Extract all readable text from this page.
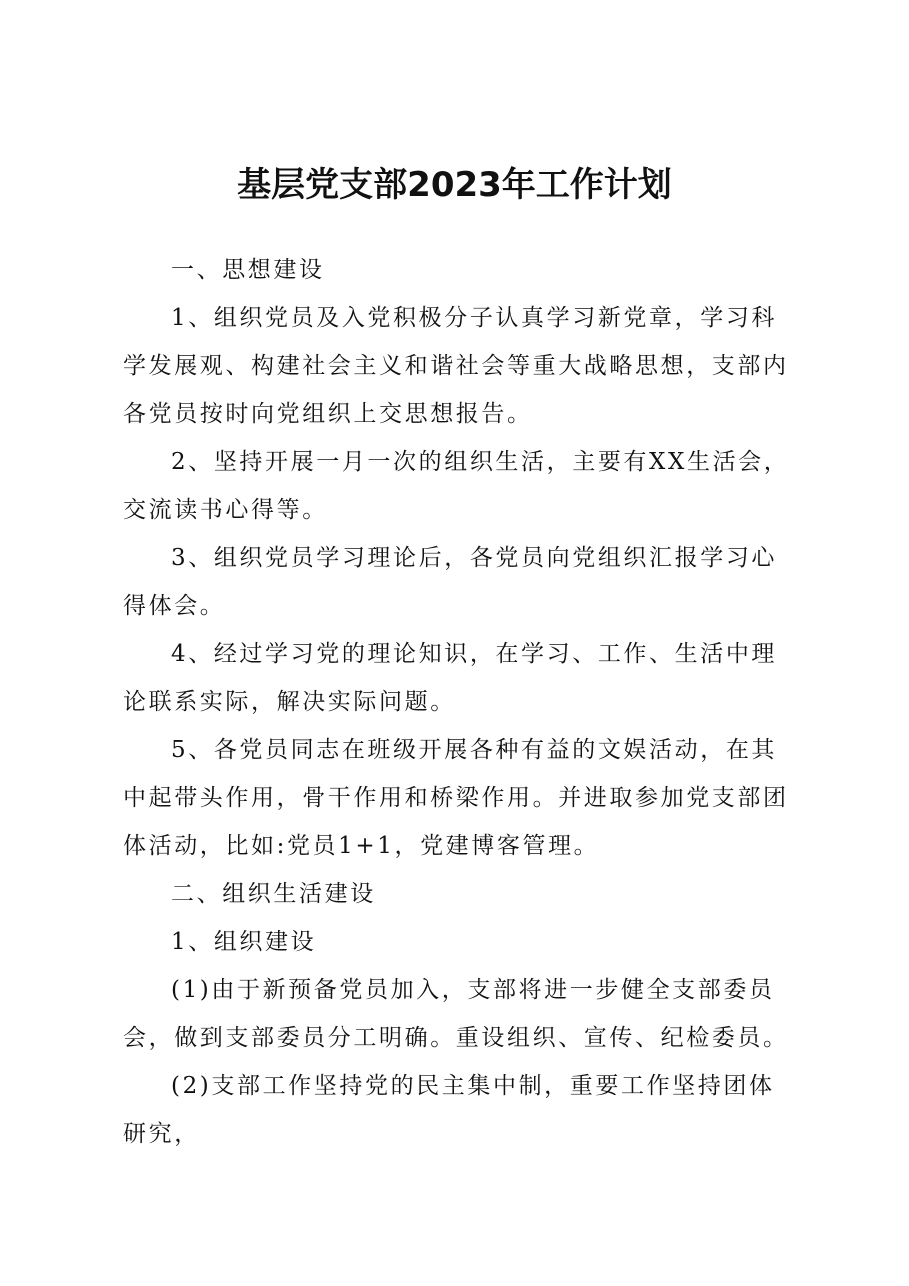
基层党支部2023年工作计划

一、思想建设

1、组织党员及入党积极分子认真学习新党章，学习科学发展观、构建社会主义和谐社会等重大战略思想，支部内各党员按时向党组织上交思想报告。

2、坚持开展一月一次的组织生活，主要有XX生活会，交流读书心得等。

3、组织党员学习理论后，各党员向党组织汇报学习心得体会。

4、经过学习党的理论知识，在学习、工作、生活中理论联系实际，解决实际问题。

5、各党员同志在班级开展各种有益的文娱活动，在其中起带头作用，骨干作用和桥梁作用。并进取参加党支部团体活动，比如:党员1+1，党建博客管理。

二、组织生活建设

1、组织建设

(1)由于新预备党员加入，支部将进一步健全支部委员会，做到支部委员分工明确。重设组织、宣传、纪检委员。

(2)支部工作坚持党的民主集中制，重要工作坚持团体研究，
